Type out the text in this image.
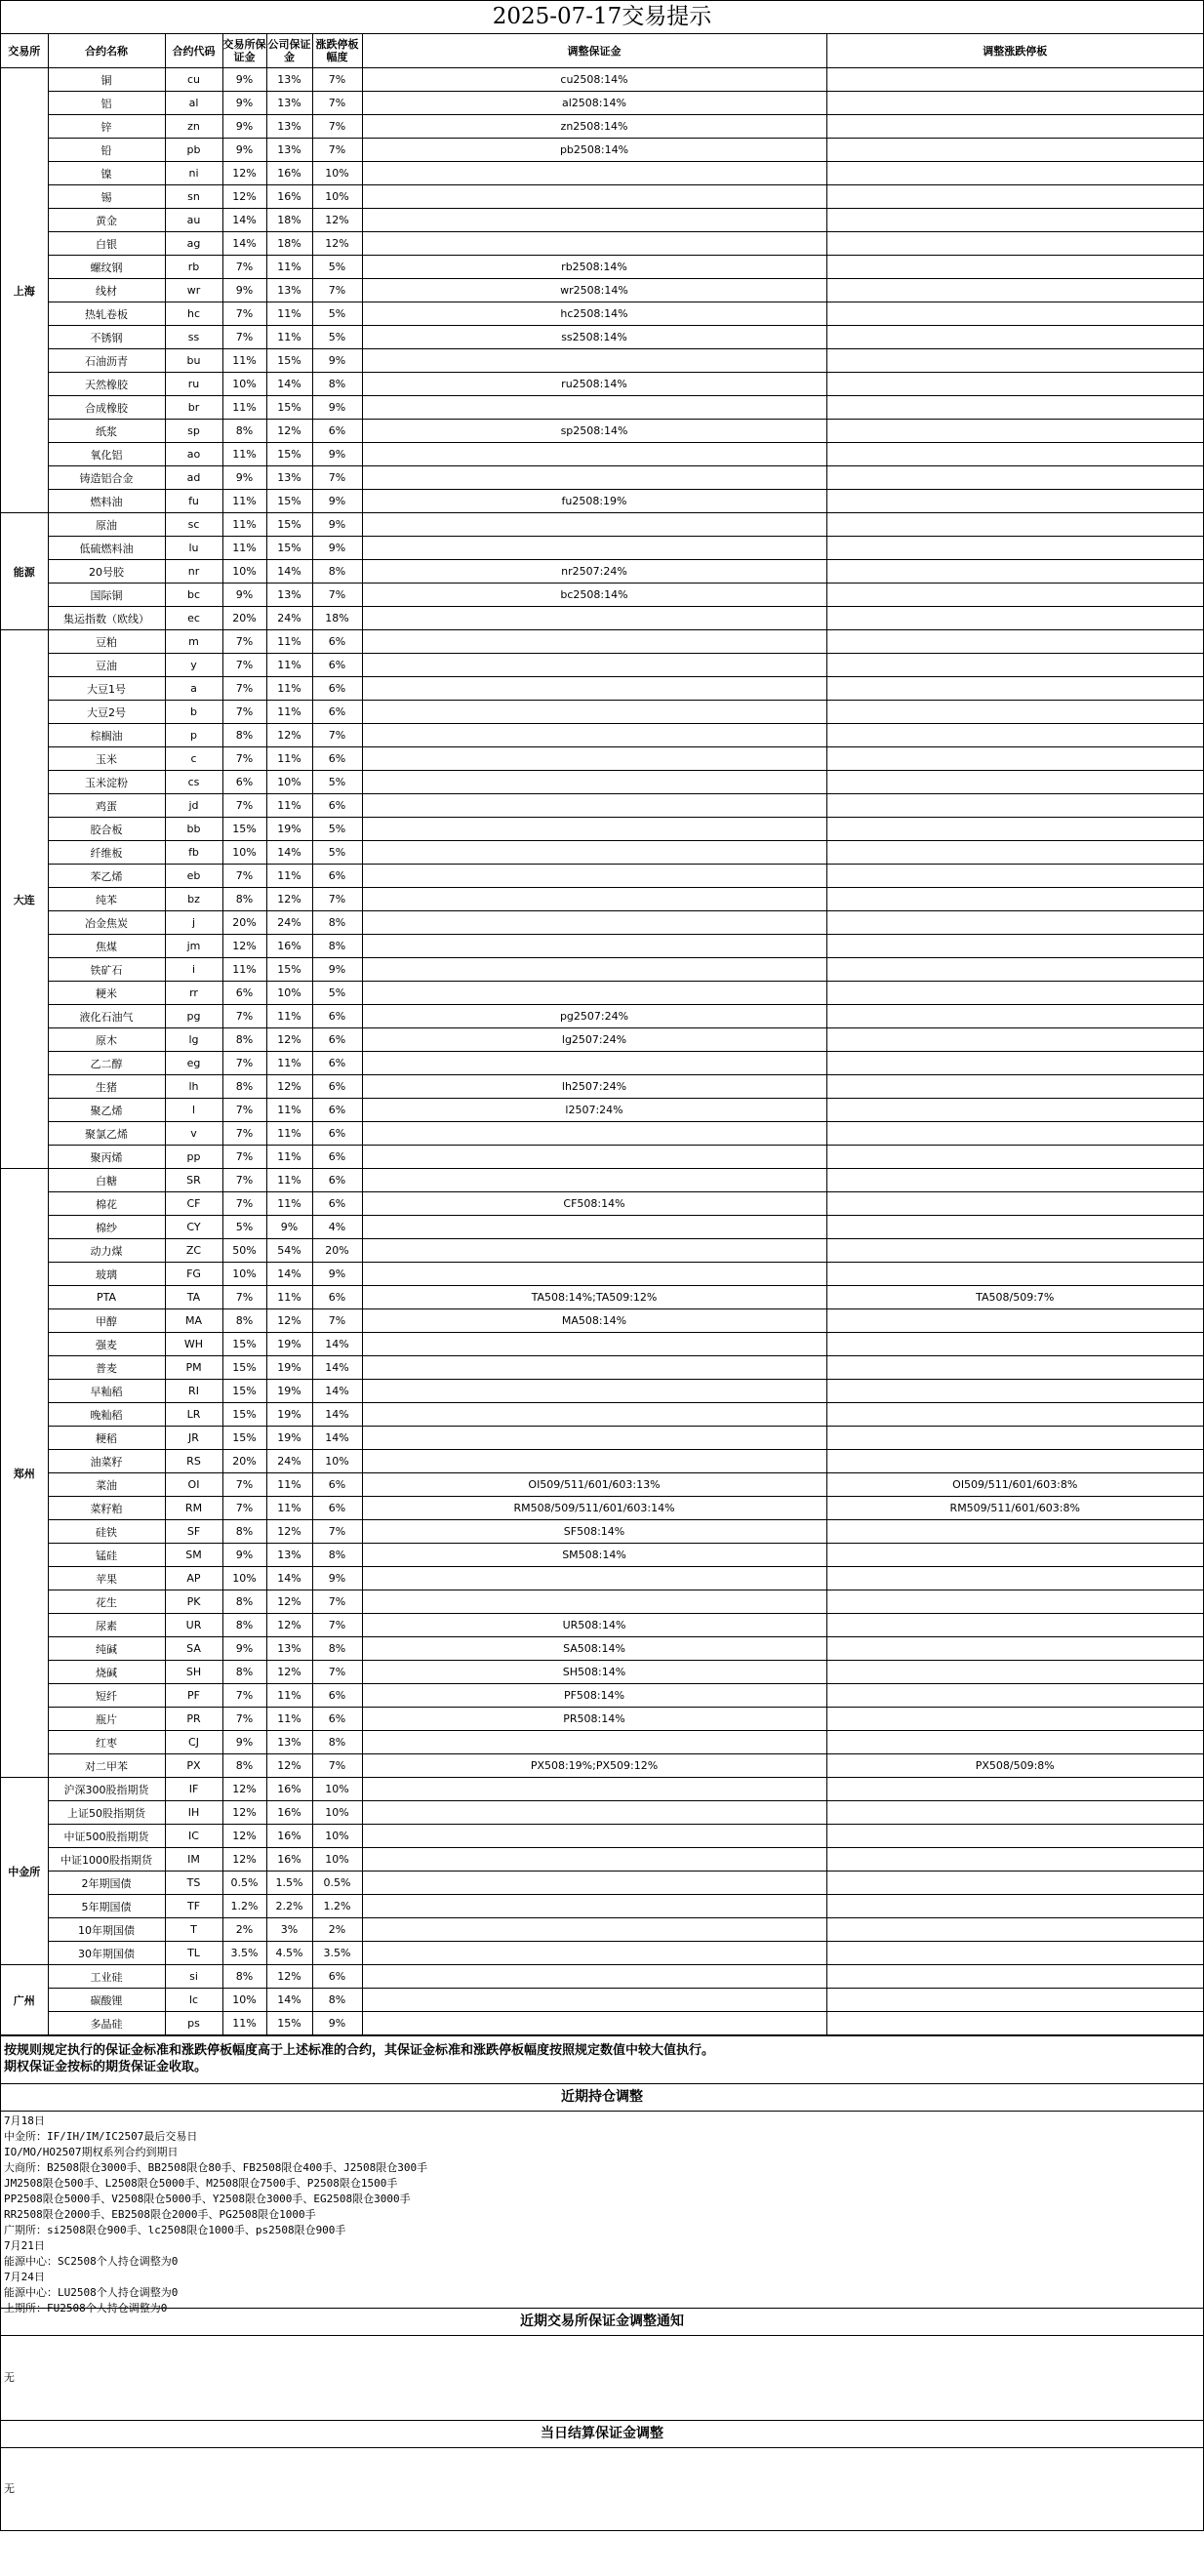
2025-07-17交易提示
交易所	合约名称	合约代码	交易所保证金	公司保证金	涨跌停板幅度	调整保证金	调整涨跌停板
上海	铜	cu	9%	13%	7%	cu2508:14%	
	铝	al	9%	13%	7%	al2508:14%	
	锌	zn	9%	13%	7%	zn2508:14%	
	铅	pb	9%	13%	7%	pb2508:14%	
	镍	ni	12%	16%	10%		
	锡	sn	12%	16%	10%		
	黄金	au	14%	18%	12%		
	白银	ag	14%	18%	12%		
	螺纹钢	rb	7%	11%	5%	rb2508:14%	
	线材	wr	9%	13%	7%	wr2508:14%	
	热轧卷板	hc	7%	11%	5%	hc2508:14%	
	不锈钢	ss	7%	11%	5%	ss2508:14%	
	石油沥青	bu	11%	15%	9%		
	天然橡胶	ru	10%	14%	8%	ru2508:14%	
	合成橡胶	br	11%	15%	9%		
	纸浆	sp	8%	12%	6%	sp2508:14%	
	氧化铝	ao	11%	15%	9%		
	铸造铝合金	ad	9%	13%	7%		
	燃料油	fu	11%	15%	9%	fu2508:19%	
能源	原油	sc	11%	15%	9%		
	低硫燃料油	lu	11%	15%	9%		
	20号胶	nr	10%	14%	8%	nr2507:24%	
	国际铜	bc	9%	13%	7%	bc2508:14%	
	集运指数（欧线）	ec	20%	24%	18%		
大连	豆粕	m	7%	11%	6%		
	豆油	y	7%	11%	6%		
	大豆1号	a	7%	11%	6%		
	大豆2号	b	7%	11%	6%		
	棕榈油	p	8%	12%	7%		
	玉米	c	7%	11%	6%		
	玉米淀粉	cs	6%	10%	5%		
	鸡蛋	jd	7%	11%	6%		
	胶合板	bb	15%	19%	5%		
	纤维板	fb	10%	14%	5%		
	苯乙烯	eb	7%	11%	6%		
	纯苯	bz	8%	12%	7%		
	冶金焦炭	j	20%	24%	8%		
	焦煤	jm	12%	16%	8%		
	铁矿石	i	11%	15%	9%		
	粳米	rr	6%	10%	5%		
	液化石油气	pg	7%	11%	6%	pg2507:24%	
	原木	lg	8%	12%	6%	lg2507:24%	
	乙二醇	eg	7%	11%	6%		
	生猪	lh	8%	12%	6%	lh2507:24%	
	聚乙烯	l	7%	11%	6%	l2507:24%	
	聚氯乙烯	v	7%	11%	6%		
	聚丙烯	pp	7%	11%	6%		
郑州	白糖	SR	7%	11%	6%		
	棉花	CF	7%	11%	6%	CF508:14%	
	棉纱	CY	5%	9%	4%		
	动力煤	ZC	50%	54%	20%		
	玻璃	FG	10%	14%	9%		
	PTA	TA	7%	11%	6%	TA508:14%;TA509:12%	TA508/509:7%
	甲醇	MA	8%	12%	7%	MA508:14%	
	强麦	WH	15%	19%	14%		
	普麦	PM	15%	19%	14%		
	早籼稻	RI	15%	19%	14%		
	晚籼稻	LR	15%	19%	14%		
	粳稻	JR	15%	19%	14%		
	油菜籽	RS	20%	24%	10%		
	菜油	OI	7%	11%	6%	OI509/511/601/603:13%	OI509/511/601/603:8%
	菜籽粕	RM	7%	11%	6%	RM508/509/511/601/603:14%	RM509/511/601/603:8%
	硅铁	SF	8%	12%	7%	SF508:14%	
	锰硅	SM	9%	13%	8%	SM508:14%	
	苹果	AP	10%	14%	9%		
	花生	PK	8%	12%	7%		
	尿素	UR	8%	12%	7%	UR508:14%	
	纯碱	SA	9%	13%	8%	SA508:14%	
	烧碱	SH	8%	12%	7%	SH508:14%	
	短纤	PF	7%	11%	6%	PF508:14%	
	瓶片	PR	7%	11%	6%	PR508:14%	
	红枣	CJ	9%	13%	8%		
	对二甲苯	PX	8%	12%	7%	PX508:19%;PX509:12%	PX508/509:8%
中金所	沪深300股指期货	IF	12%	16%	10%		
	上证50股指期货	IH	12%	16%	10%		
	中证500股指期货	IC	12%	16%	10%		
	中证1000股指期货	IM	12%	16%	10%		
	2年期国债	TS	0.5%	1.5%	0.5%		
	5年期国债	TF	1.2%	2.2%	1.2%		
	10年期国债	T	2%	3%	2%		
	30年期国债	TL	3.5%	4.5%	3.5%		
广州	工业硅	si	8%	12%	6%		
	碳酸锂	lc	10%	14%	8%		
	多晶硅	ps	11%	15%	9%		
按规则规定执行的保证金标准和涨跌停板幅度高于上述标准的合约，其保证金标准和涨跌停板幅度按照规定数值中较大值执行。
期权保证金按标的期货保证金收取。
近期持仓调整
7月18日
中金所：IF/IH/IM/IC2507最后交易日
IO/MO/HO2507期权系列合约到期日
大商所：B2508限仓3000手、BB2508限仓80手、FB2508限仓400手、J2508限仓300手
JM2508限仓500手、L2508限仓5000手、M2508限仓7500手、P2508限仓1500手
PP2508限仓5000手、V2508限仓5000手、Y2508限仓3000手、EG2508限仓3000手
RR2508限仓2000手、EB2508限仓2000手、PG2508限仓1000手
广期所：si2508限仓900手、lc2508限仓1000手、ps2508限仓900手
7月21日
能源中心：SC2508个人持仓调整为0
7月24日
能源中心：LU2508个人持仓调整为0
上期所：FU2508个人持仓调整为0
近期交易所保证金调整通知
无
当日结算保证金调整
无
